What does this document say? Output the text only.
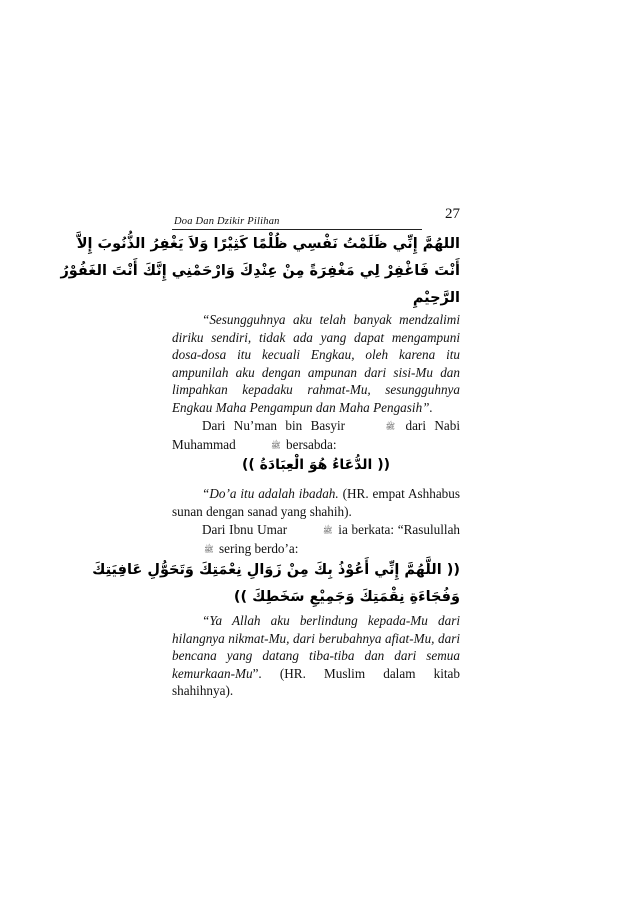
Doa Dan Dzikir Pilihan	27
اللهُمَّ إِنِّي ظَلَمْتُ نَفْسِي ظُلْمًا كَثِيْرًا وَلاَ يَغْفِرُ الذُّنُوبَ إِلاَّ
أَنْتَ فَاغْفِرْ لِي مَغْفِرَةً مِنْ عِنْدِكَ وَارْحَمْنِي إِنَّكَ أَنْتَ الغَفُوْرُ
الرَّحِيْمِ

“Sesungguhnya aku telah banyak mendzalimi diriku sendiri, tidak ada yang dapat mengampuni dosa-dosa itu kecuali Engkau, oleh karena itu ampunilah aku dengan ampunan dari sisi-Mu dan limpahkan kepadaku rahmat-Mu, sesungguhnya Engkau Maha Pengampun dan Maha Pengasih”.

Dari Nu’man bin Basyir	ﷺ dari Nabi Muhammad	ﷺ bersabda:

(( الدُّعَاءُ هُوَ الْعِبَادَةُ ))

“Do’a itu adalah ibadah. (HR. empat Ashhabus sunan dengan sanad yang shahih).

Dari Ibnu Umar	ﷺ ia berkata: “Rasulullah ﷺ sering berdo’a:

(( اللَّهُمَّ إِنِّي أَعُوْذُ بِكَ مِنْ زَوَالِ نِعْمَتِكَ وَتَحَوُّلِ عَافِيَتِكَ
وَفُجَاءَةِ نِقْمَتِكَ وَجَمِيْعِ سَخَطِكَ ))

“Ya Allah aku berlindung kepada-Mu dari hilangnya nikmat-Mu, dari berubahnya afiat-Mu, dari bencana yang datang tiba-tiba dan dari semua kemurkaan-Mu”. (HR. Muslim dalam kitab shahihnya).
